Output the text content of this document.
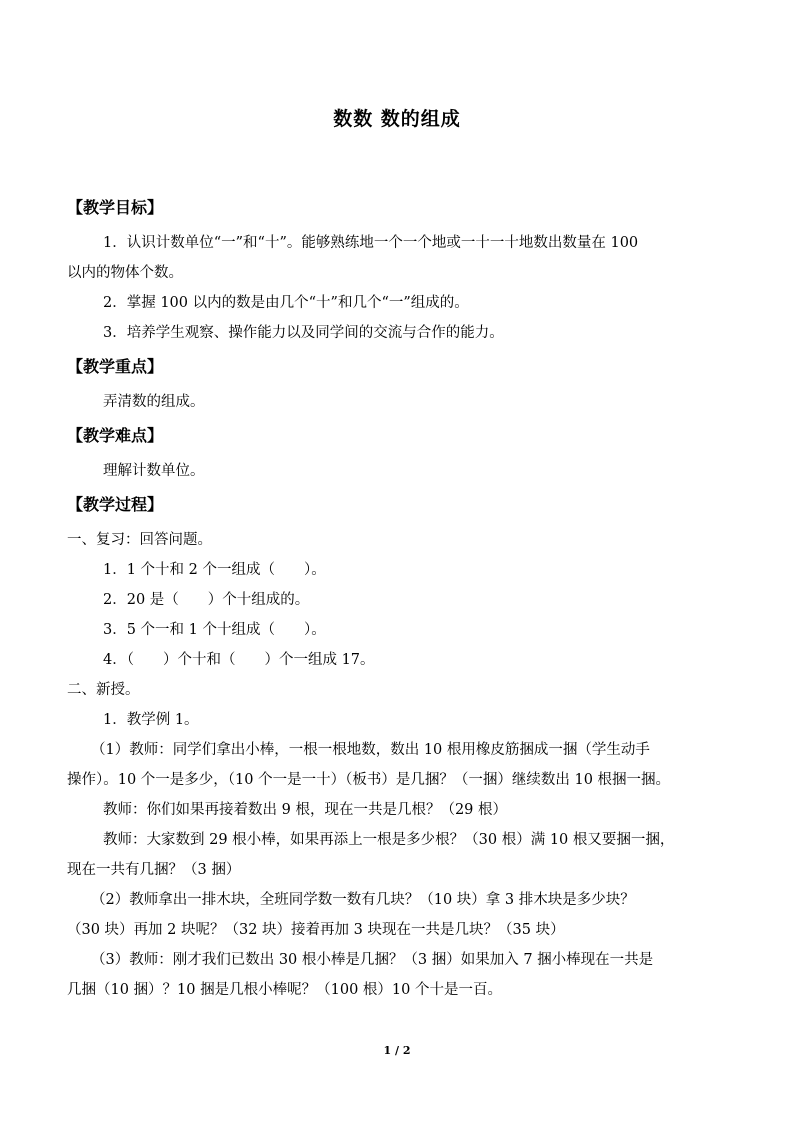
数数 数的组成
【教学目标】
1．认识计数单位“一”和“十”。能够熟练地一个一个地或一十一十地数出数量在 100
以内的物体个数。
2．掌握 100 以内的数是由几个“十”和几个“一”组成的。
3．培养学生观察、操作能力以及同学间的交流与合作的能力。
【教学重点】
弄清数的组成。
【教学难点】
理解计数单位。
【教学过程】
一、复习：回答问题。
1．1 个十和 2 个一组成（　　）。
2．20 是（　　）个十组成的。
3．5 个一和 1 个十组成（　　）。
4．（　　）个十和（　　）个一组成 17。
二、新授。
1．教学例 1。
（1）教师：同学们拿出小棒，一根一根地数，数出 10 根用橡皮筋捆成一捆（学生动手
操作）。10 个一是多少，（10 个一是一十）（板书）是几捆？（一捆）继续数出 10 根捆一捆。
教师：你们如果再接着数出 9 根，现在一共是几根？（29 根）
教师：大家数到 29 根小棒，如果再添上一根是多少根？（30 根）满 10 根又要捆一捆，
现在一共有几捆？（3 捆）
（2）教师拿出一排木块，全班同学数一数有几块？（10 块）拿 3 排木块是多少块？
（30 块）再加 2 块呢？（32 块）接着再加 3 块现在一共是几块？（35 块）
（3）教师：刚才我们已数出 30 根小棒是几捆？（3 捆）如果加入 7 捆小棒现在一共是
几捆（10 捆）？10 捆是几根小棒呢？（100 根）10 个十是一百。
1 / 2
